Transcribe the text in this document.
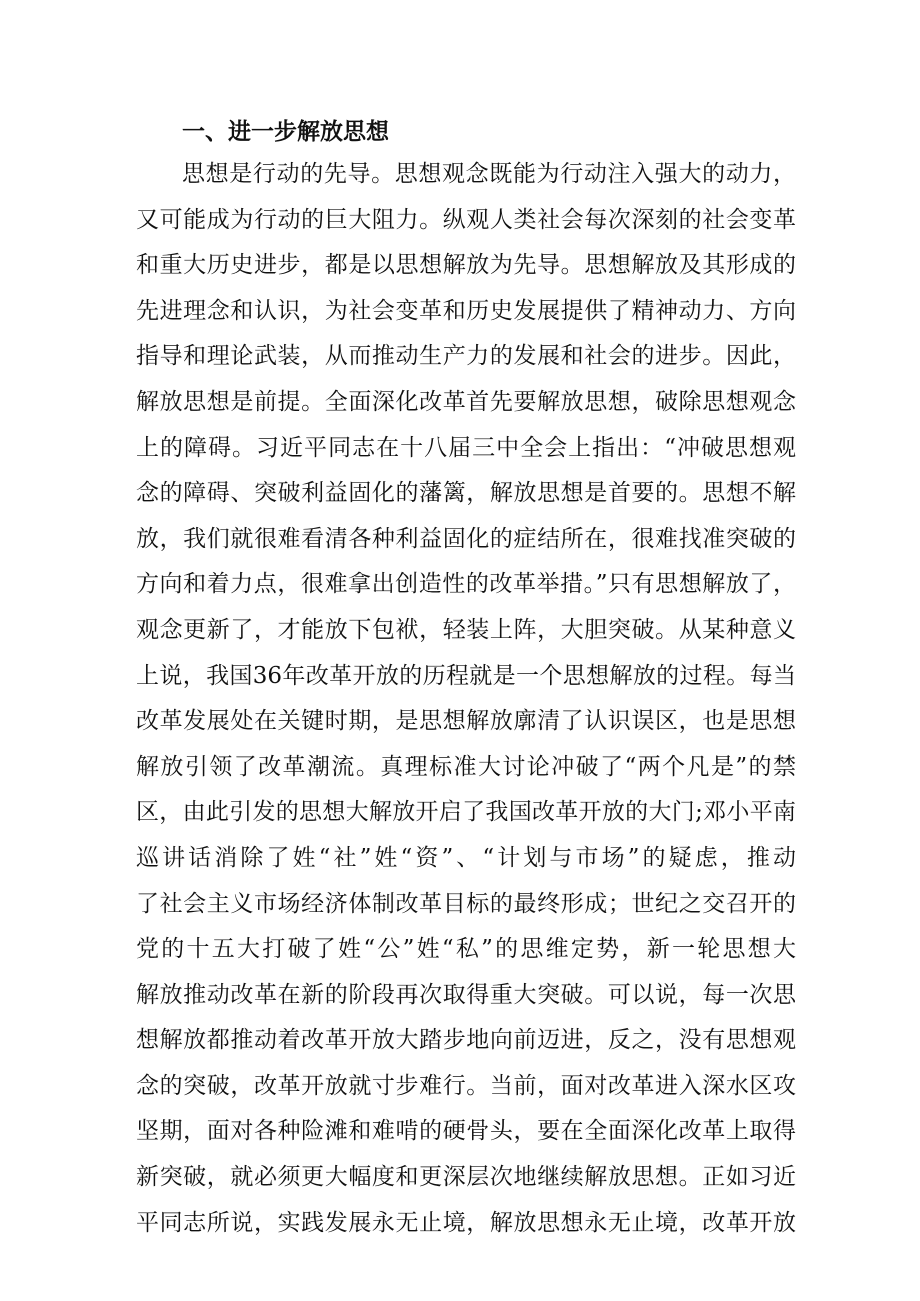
一、进一步解放思想
思想是行动的先导。思想观念既能为行动注入强大的动力，
又可能成为行动的巨大阻力。纵观人类社会每次深刻的社会变革
和重大历史进步，都是以思想解放为先导。思想解放及其形成的
先进理念和认识，为社会变革和历史发展提供了精神动力、方向
指导和理论武装，从而推动生产力的发展和社会的进步。因此，
解放思想是前提。全面深化改革首先要解放思想，破除思想观念
上的障碍。习近平同志在十八届三中全会上指出：“冲破思想观
念的障碍、突破利益固化的藩篱，解放思想是首要的。思想不解
放，我们就很难看清各种利益固化的症结所在，很难找准突破的
方向和着力点，很难拿出创造性的改革举措。”只有思想解放了，
观念更新了，才能放下包袱，轻装上阵，大胆突破。从某种意义
上说，我国36年改革开放的历程就是一个思想解放的过程。每当
改革发展处在关键时期，是思想解放廓清了认识误区，也是思想
解放引领了改革潮流。真理标准大讨论冲破了“两个凡是”的禁
区，由此引发的思想大解放开启了我国改革开放的大门;邓小平南
巡讲话消除了姓“社”姓“资”、“计划与市场”的疑虑，推动
了社会主义市场经济体制改革目标的最终形成；世纪之交召开的
党的十五大打破了姓“公”姓“私”的思维定势，新一轮思想大
解放推动改革在新的阶段再次取得重大突破。可以说，每一次思
想解放都推动着改革开放大踏步地向前迈进，反之，没有思想观
念的突破，改革开放就寸步难行。当前，面对改革进入深水区攻
坚期，面对各种险滩和难啃的硬骨头，要在全面深化改革上取得
新突破，就必须更大幅度和更深层次地继续解放思想。正如习近
平同志所说，实践发展永无止境，解放思想永无止境，改革开放
